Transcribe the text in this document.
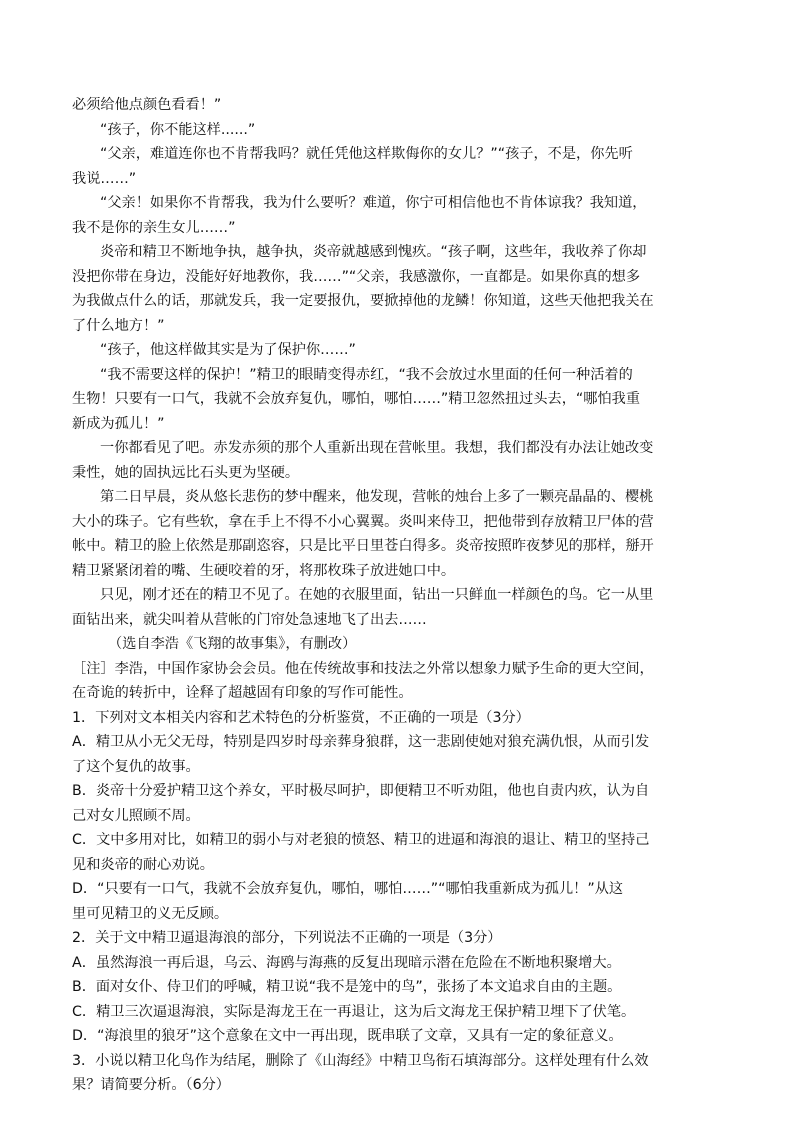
必须给他点颜色看看！”
“孩子，你不能这样......”
“父亲，难道连你也不肯帮我吗？就任凭他这样欺侮你的女儿？”“孩子，不是，你先听
我说……”
“父亲！如果你不肯帮我，我为什么要听？难道，你宁可相信他也不肯体谅我？我知道，
我不是你的亲生女儿……”
炎帝和精卫不断地争执，越争执，炎帝就越感到愧疚。“孩子啊，这些年，我收养了你却
没把你带在身边，没能好好地教你，我……”“父亲，我感激你，一直都是。如果你真的想多
为我做点什么的话，那就发兵，我一定要报仇，要掀掉他的龙鳞！你知道，这些天他把我关在
了什么地方！”
“孩子，他这样做其实是为了保护你……”
“我不需要这样的保护！”精卫的眼睛变得赤红，“我不会放过水里面的任何一种活着的
生物！只要有一口气，我就不会放弃复仇，哪怕，哪怕……”精卫忽然扭过头去，“哪怕我重
新成为孤儿！”
一你都看见了吧。赤发赤须的那个人重新出现在营帐里。我想，我们都没有办法让她改变
秉性，她的固执远比石头更为坚硬。
第二日早晨，炎从悠长悲伤的梦中醒来，他发现，营帐的烛台上多了一颗亮晶晶的、樱桃
大小的珠子。它有些软，拿在手上不得不小心翼翼。炎叫来侍卫，把他带到存放精卫尸体的营
帐中。精卫的脸上依然是那副恣容，只是比平日里苍白得多。炎帝按照昨夜梦见的那样，掰开
精卫紧紧闭着的嘴、生硬咬着的牙，将那枚珠子放进她口中。
只见，刚才还在的精卫不见了。在她的衣服里面，钻出一只鲜血一样颜色的鸟。它一从里
面钻出来，就尖叫着从营帐的门帘处急速地飞了出去……
（选自李浩《飞翔的故事集》，有删改）
［注］李浩，中国作家协会会员。他在传统故事和技法之外常以想象力赋予生命的更大空间，
在奇诡的转折中，诠释了超越固有印象的写作可能性。
1．下列对文本相关内容和艺术特色的分析鉴赏，不正确的一项是（3分）
A．精卫从小无父无母，特别是四岁时母亲葬身狼群，这一悲剧使她对狼充满仇恨，从而引发
了这个复仇的故事。
B．炎帝十分爱护精卫这个养女，平时极尽呵护，即便精卫不听劝阻，他也自责内疚，认为自
己对女儿照顾不周。
C．文中多用对比，如精卫的弱小与对老狼的愤怒、精卫的进逼和海浪的退让、精卫的坚持己
见和炎帝的耐心劝说。
D．“只要有一口气，我就不会放弃复仇，哪怕，哪怕……”“哪怕我重新成为孤儿！”从这
里可见精卫的义无反顾。
2．关于文中精卫逼退海浪的部分，下列说法不正确的一项是（3分）
A．虽然海浪一再后退，乌云、海鸥与海燕的反复出现暗示潜在危险在不断地积聚增大。
B．面对女仆、侍卫们的呼喊，精卫说“我不是笼中的鸟”，张扬了本文追求自由的主题。
C．精卫三次逼退海浪，实际是海龙王在一再退让，这为后文海龙王保护精卫埋下了伏笔。
D．“海浪里的狼牙”这个意象在文中一再出现，既串联了文章，又具有一定的象征意义。
3．小说以精卫化鸟作为结尾，删除了《山海经》中精卫鸟衔石填海部分。这样处理有什么效
果？请简要分析。（6分）
